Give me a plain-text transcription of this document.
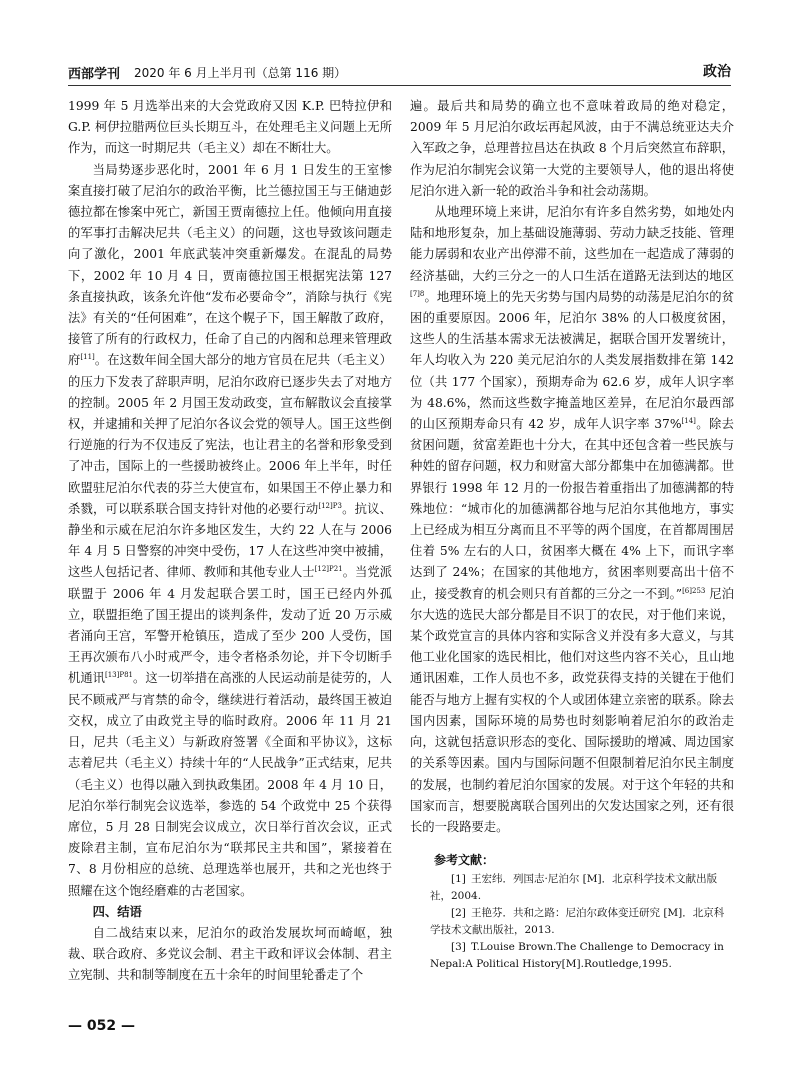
西部学刊 2020 年 6 月上半月刊（总第 116 期）	政治

1999 年 5 月选举出来的大会党政府又因 K.P. 巴特拉伊和 G.P. 柯伊拉腊两位巨头长期互斗，在处理毛主义问题上无所作为，而这一时期尼共（毛主义）却在不断壮大。

当局势逐步恶化时，2001 年 6 月 1 日发生的王室惨案直接打破了尼泊尔的政治平衡，比兰德拉国王与王储迪彭德拉都在惨案中死亡，新国王贾南德拉上任。他倾向用直接的军事打击解决尼共（毛主义）的问题，这也导致该问题走向了激化，2001 年底武装冲突重新爆发。在混乱的局势下，2002 年 10 月 4 日，贾南德拉国王根据宪法第 127 条直接执政，该条允许他“发布必要命令”，消除与执行《宪法》有关的“任何困难”，在这个幌子下，国王解散了政府，接管了所有的行政权力，任命了自己的内阁和总理来管理政府[11]。在这数年间全国大部分的地方官员在尼共（毛主义）的压力下发表了辞职声明，尼泊尔政府已逐步失去了对地方的控制。2005 年 2 月国王发动政变，宣布解散议会直接掌权，并逮捕和关押了尼泊尔各议会党的领导人。国王这些倒行逆施的行为不仅违反了宪法，也让君主的名誉和形象受到了冲击，国际上的一些援助被终止。2006 年上半年，时任欧盟驻尼泊尔代表的芬兰大使宣布，如果国王不停止暴力和杀戮，可以联系联合国支持针对他的必要行动$^{[12]P3}$。抗议、静坐和示威在尼泊尔许多地区发生，大约 22 人在与 2006 年 4 月 5 日警察的冲突中受伤，17 人在这些冲突中被捕，这些人包括记者、律师、教师和其他专业人士$^{[12]P21}$。当党派联盟于 2006 年 4 月发起联合罢工时，国王已经内外孤立，联盟拒绝了国王提出的谈判条件，发动了近 20 万示威者涌向王宫，军警开枪镇压，造成了至少 200 人受伤，国王再次颁布八小时戒严令，违令者格杀勿论，并下令切断手机通讯$^{[13]P81}$。这一切举措在高涨的人民运动前是徒劳的，人民不顾戒严与宵禁的命令，继续进行着活动，最终国王被迫交权，成立了由政党主导的临时政府。2006 年 11 月 21 日，尼共（毛主义）与新政府签署《全面和平协议》，这标志着尼共（毛主义）持续十年的“人民战争”正式结束，尼共（毛主义）也得以融入到执政集团。2008 年 4 月 10 日，尼泊尔举行制宪会议选举，参选的 54 个政党中 25 个获得席位，5 月 28 日制宪会议成立，次日举行首次会议，正式废除君主制，宣布尼泊尔为“联邦民主共和国”，紧接着在 7、8 月份相应的总统、总理选举也展开，共和之光也终于照耀在这个饱经磨难的古老国家。

四、结语

自二战结束以来，尼泊尔的政治发展坎坷而崎岖，独裁、联合政府、多党议会制、君主干政和评议会体制、君主立宪制、共和制等制度在五十余年的时间里轮番走了个

遍。最后共和局势的确立也不意味着政局的绝对稳定，2009 年 5 月尼泊尔政坛再起风波，由于不满总统亚达夫介入军政之争，总理普拉昌达在执政 8 个月后突然宣布辞职，作为尼泊尔制宪会议第一大党的主要领导人，他的退出将使尼泊尔进入新一轮的政治斗争和社会动荡期。

从地理环境上来讲，尼泊尔有许多自然劣势，如地处内陆和地形复杂，加上基础设施薄弱、劳动力缺乏技能、管理能力孱弱和农业产出停滞不前，这些加在一起造成了薄弱的经济基础，大约三分之一的人口生活在道路无法到达的地区$^{[7]8}$。地理环境上的先天劣势与国内局势的动荡是尼泊尔的贫困的重要原因。2006 年，尼泊尔 38% 的人口极度贫困，这些人的生活基本需求无法被满足，据联合国开发署统计，年人均收入为 220 美元尼泊尔的人类发展指数排在第 142 位（共 177 个国家），预期寿命为 62.6 岁，成年人识字率为 48.6%，然而这些数字掩盖地区差异，在尼泊尔最西部的山区预期寿命只有 42 岁，成年人识字率 37%[14]。除去贫困问题，贫富差距也十分大，在其中还包含着一些民族与种姓的留存问题，权力和财富大部分都集中在加德满都。世界银行 1998 年 12 月的一份报告着重指出了加德满都的特殊地位：“城市化的加德满都谷地与尼泊尔其他地方，事实上已经成为相互分离而且不平等的两个国度，在首都周围居住着 5% 左右的人口，贫困率大概在 4% 上下，而讯字率达到了 24%；在国家的其他地方，贫困率则要高出十倍不止，接受教育的机会则只有首都的三分之一不到。”$^{[6]253}$ 尼泊尔大选的选民大部分都是目不识丁的农民，对于他们来说，某个政党宣言的具体内容和实际含义并没有多大意义，与其他工业化国家的选民相比，他们对这些内容不关心，且山地通讯困难，工作人员也不多，政党获得支持的关键在于他们能否与地方上握有实权的个人或团体建立亲密的联系。除去国内因素，国际环境的局势也时刻影响着尼泊尔的政治走向，这就包括意识形态的变化、国际援助的增减、周边国家的关系等因素。国内与国际问题不但限制着尼泊尔民主制度的发展，也制约着尼泊尔国家的发展。对于这个年轻的共和国家而言，想要脱离联合国列出的欠发达国家之列，还有很长的一段路要走。

参考文献：

[1] 王宏纬．列国志·尼泊尔 [M]．北京科学技术文献出版社，2004.

[2] 王艳芬．共和之路：尼泊尔政体变迁研究 [M]．北京科学技术文献出版社，2013.

[3] T.Louise Brown.The Challenge to Democracy in Nepal:A Political History[M].Routledge,1995.

— 052 —
